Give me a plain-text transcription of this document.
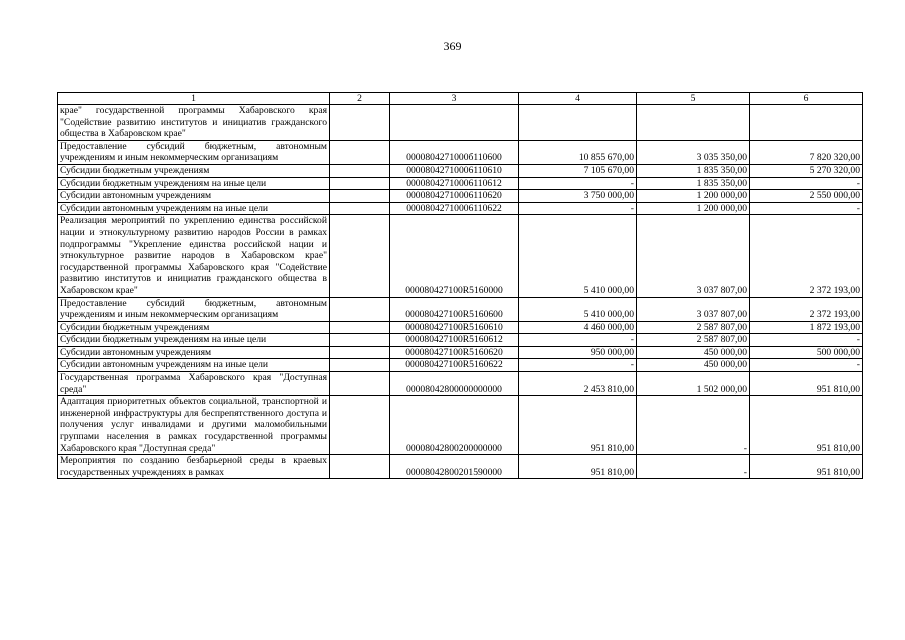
369
1	2	3	4	5	6
крае" государственной программы Хабаровского края "Содействие развитию институтов и инициатив гражданского общества в Хабаровском крае"					
Предоставление субсидий бюджетным, автономным учреждениям и иным некоммерческим организациям		0000804271000б110600	10 855 670,00	3 035 350,00	7 820 320,00
Субсидии бюджетным учреждениям		00008042710006110610	7 105 670,00	1 835 350,00	5 270 320,00
Субсидии бюджетным учреждениям на иные цели		00008042710006110612	-	1 835 350,00	-
Субсидии автономным учреждениям		00008042710006110620	3 750 000,00	1 200 000,00	2 550 000,00
Субсидии автономным учреждениям на иные цели		00008042710006110622	-	1 200 000,00	-
Реализация мероприятий по укреплению единства российской нации и этнокультурному развитию народов России в рамках подпрограммы "Укрепление единства российской нации и этнокультурное развитие народов в Хабаровском крае" государственной программы Хабаровского края "Содействие развитию институтов и инициатив гражданского общества в Хабаровском крае"		000080427100R5160000	5 410 000,00	3 037 807,00	2 372 193,00
Предоставление субсидий бюджетным, автономным учреждениям и иным некоммерческим организациям		000080427100R5160600	5 410 000,00	3 037 807,00	2 372 193,00
Субсидии бюджетным учреждениям		000080427100R5160610	4 460 000,00	2 587 807,00	1 872 193,00
Субсидии бюджетным учреждениям на иные цели		000080427100R5160612	-	2 587 807,00	-
Субсидии автономным учреждениям		000080427100R5160620	950 000,00	450 000,00	500 000,00
Субсидии автономным учреждениям на иные цели		000080427100R5160622	-	450 000,00	-
Государственная программа Хабаровского края "Доступная среда"		00008042800000000000	2 453 810,00	1 502 000,00	951 810,00
Адаптация приоритетных объектов социальной, транспортной и инженерной инфраструктуры для беспрепятственного доступа и получения услуг инвалидами и другими маломобильными группами населения в рамках государственной программы Хабаровского края "Доступная среда"		00008042800200000000	951 810,00	-	951 810,00
Мероприятия по созданию безбарьерной среды в краевых государственных учреждениях в рамках		00008042800201590000	951 810,00	-	951 810,00
